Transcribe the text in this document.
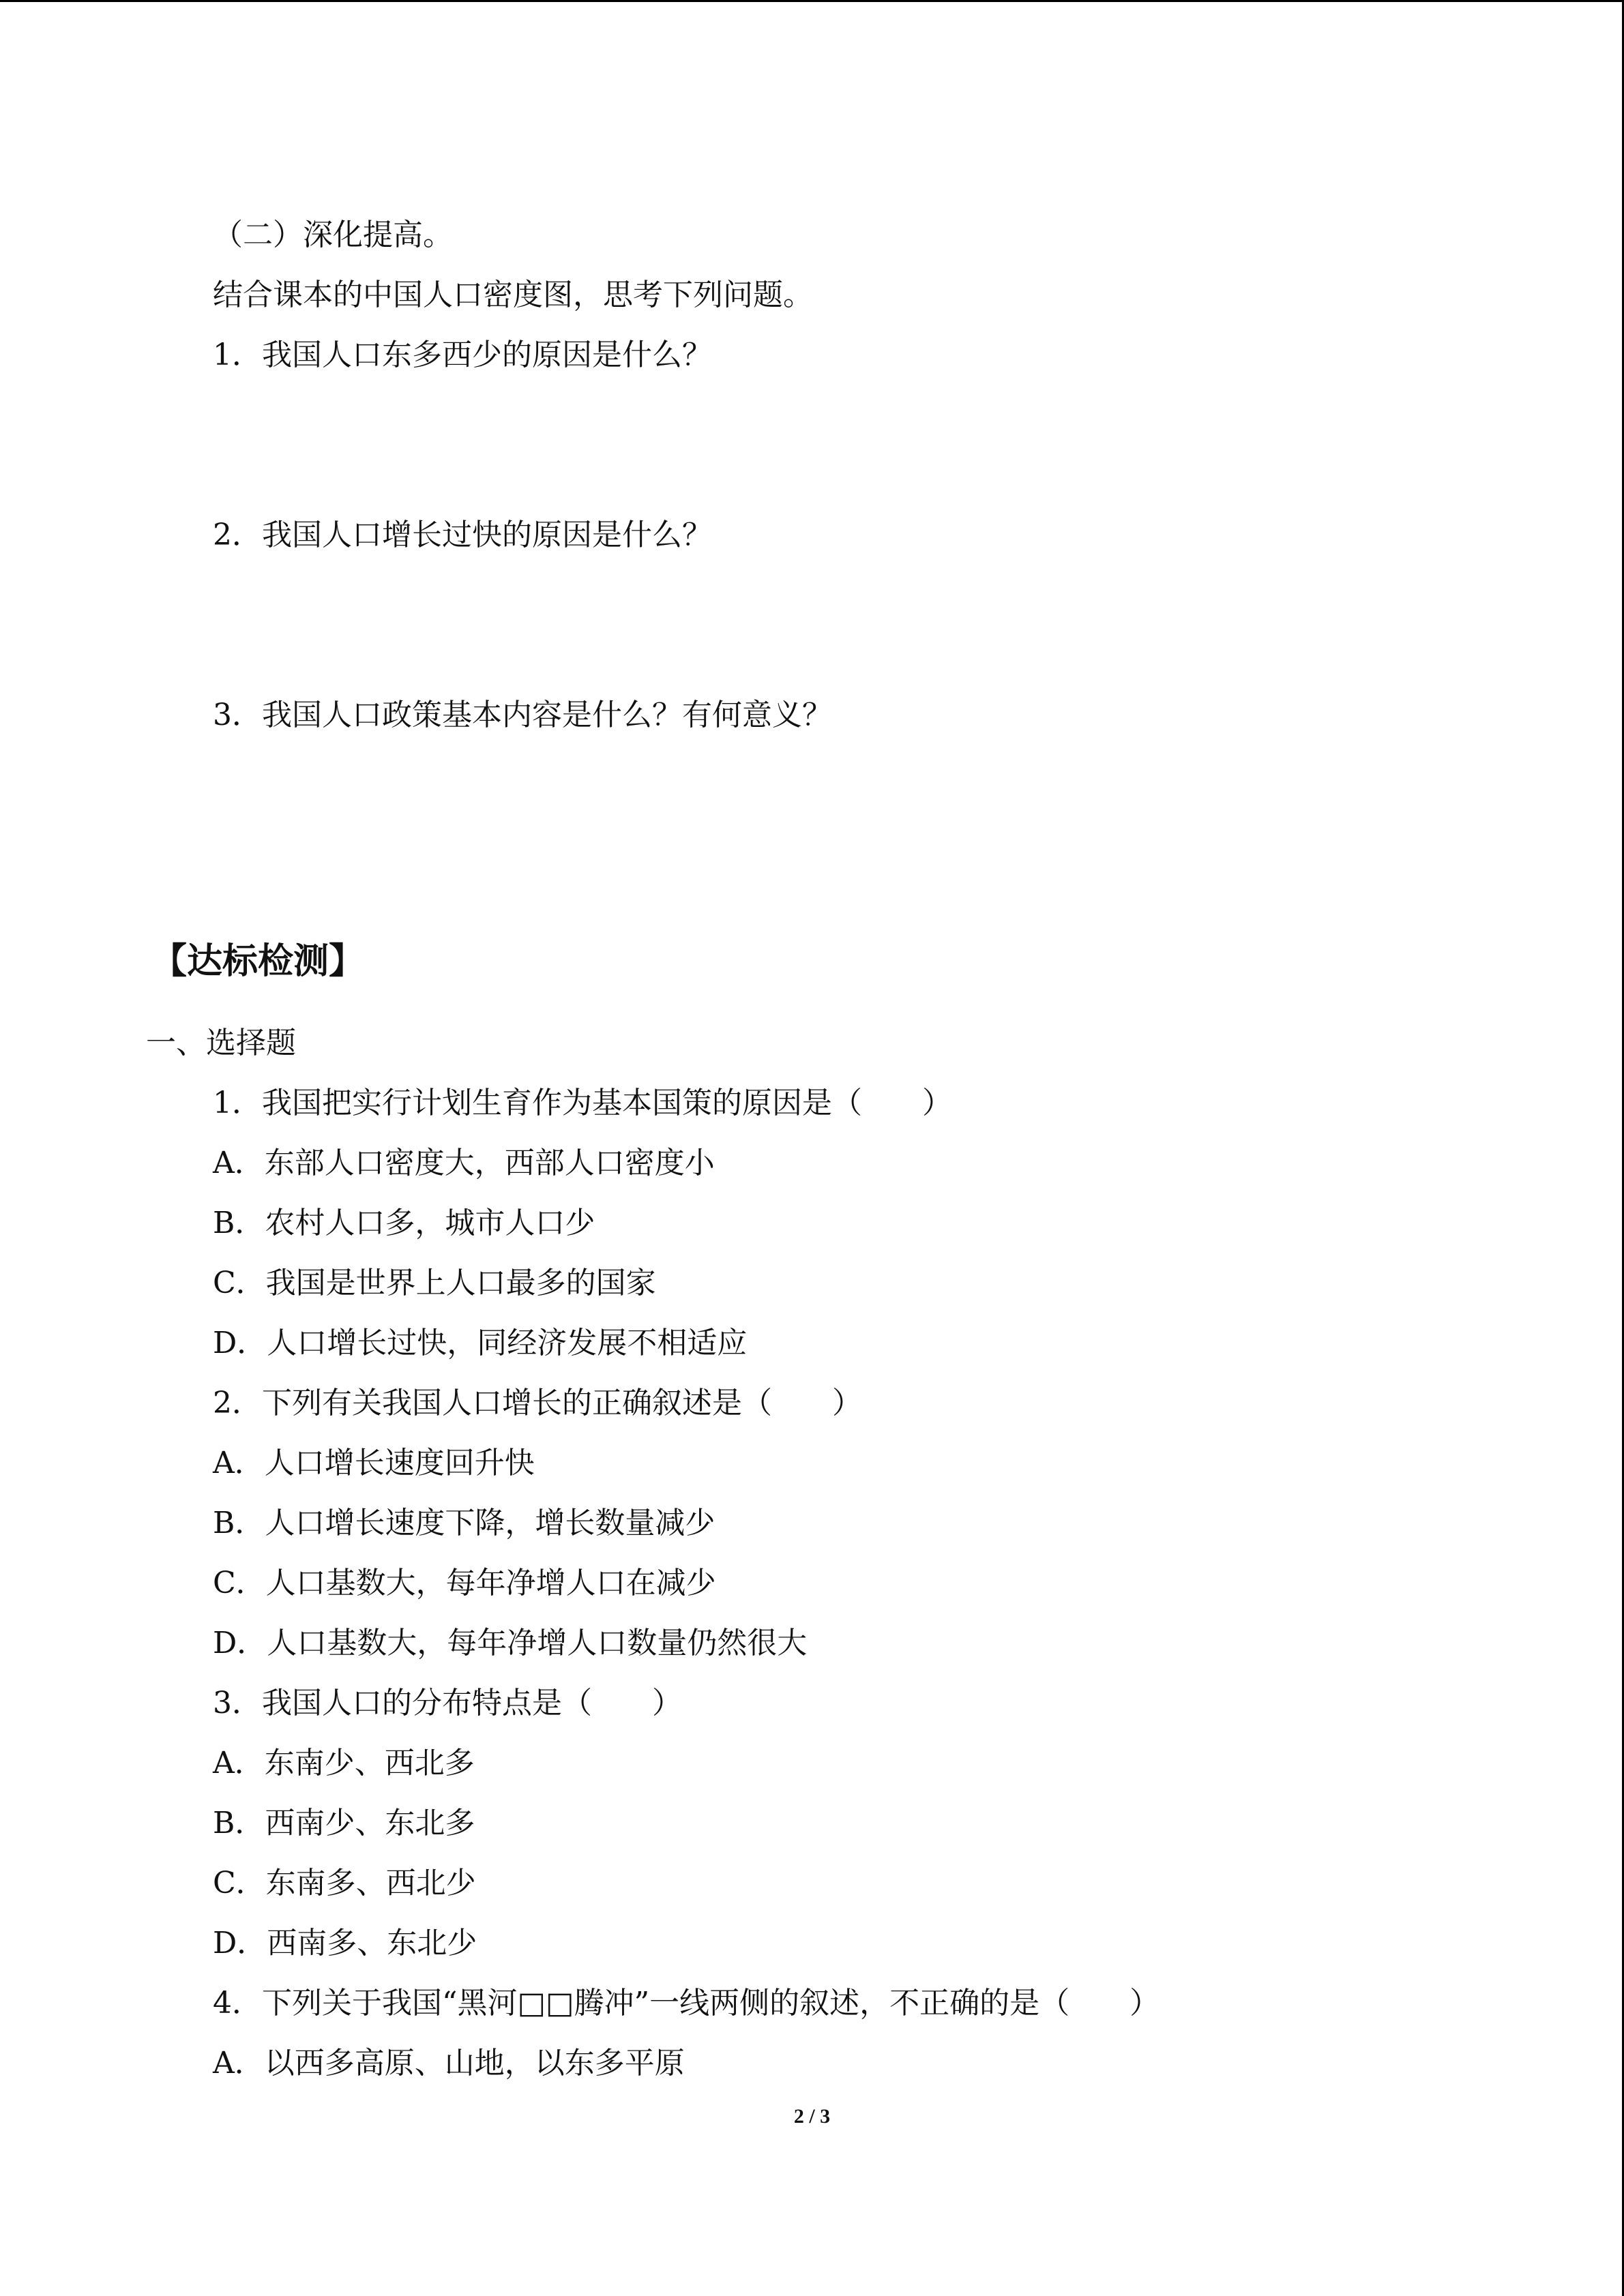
（二）深化提高。
结合课本的中国人口密度图，思考下列问题。
1．我国人口东多西少的原因是什么？
2．我国人口增长过快的原因是什么？
3．我国人口政策基本内容是什么？有何意义？
【达标检测】
一、选择题
1．我国把实行计划生育作为基本国策的原因是（　　）
A．东部人口密度大，西部人口密度小
B．农村人口多，城市人口少
C．我国是世界上人口最多的国家
D．人口增长过快，同经济发展不相适应
2．下列有关我国人口增长的正确叙述是（　　）
A．人口增长速度回升快
B．人口增长速度下降，增长数量减少
C．人口基数大，每年净增人口在减少
D．人口基数大，每年净增人口数量仍然很大
3．我国人口的分布特点是（　　）
A．东南少、西北多
B．西南少、东北多
C．东南多、西北少
D．西南多、东北少
4．下列关于我国“黑河□□腾冲”一线两侧的叙述，不正确的是（　　）
A．以西多高原、山地，以东多平原
2 / 3
